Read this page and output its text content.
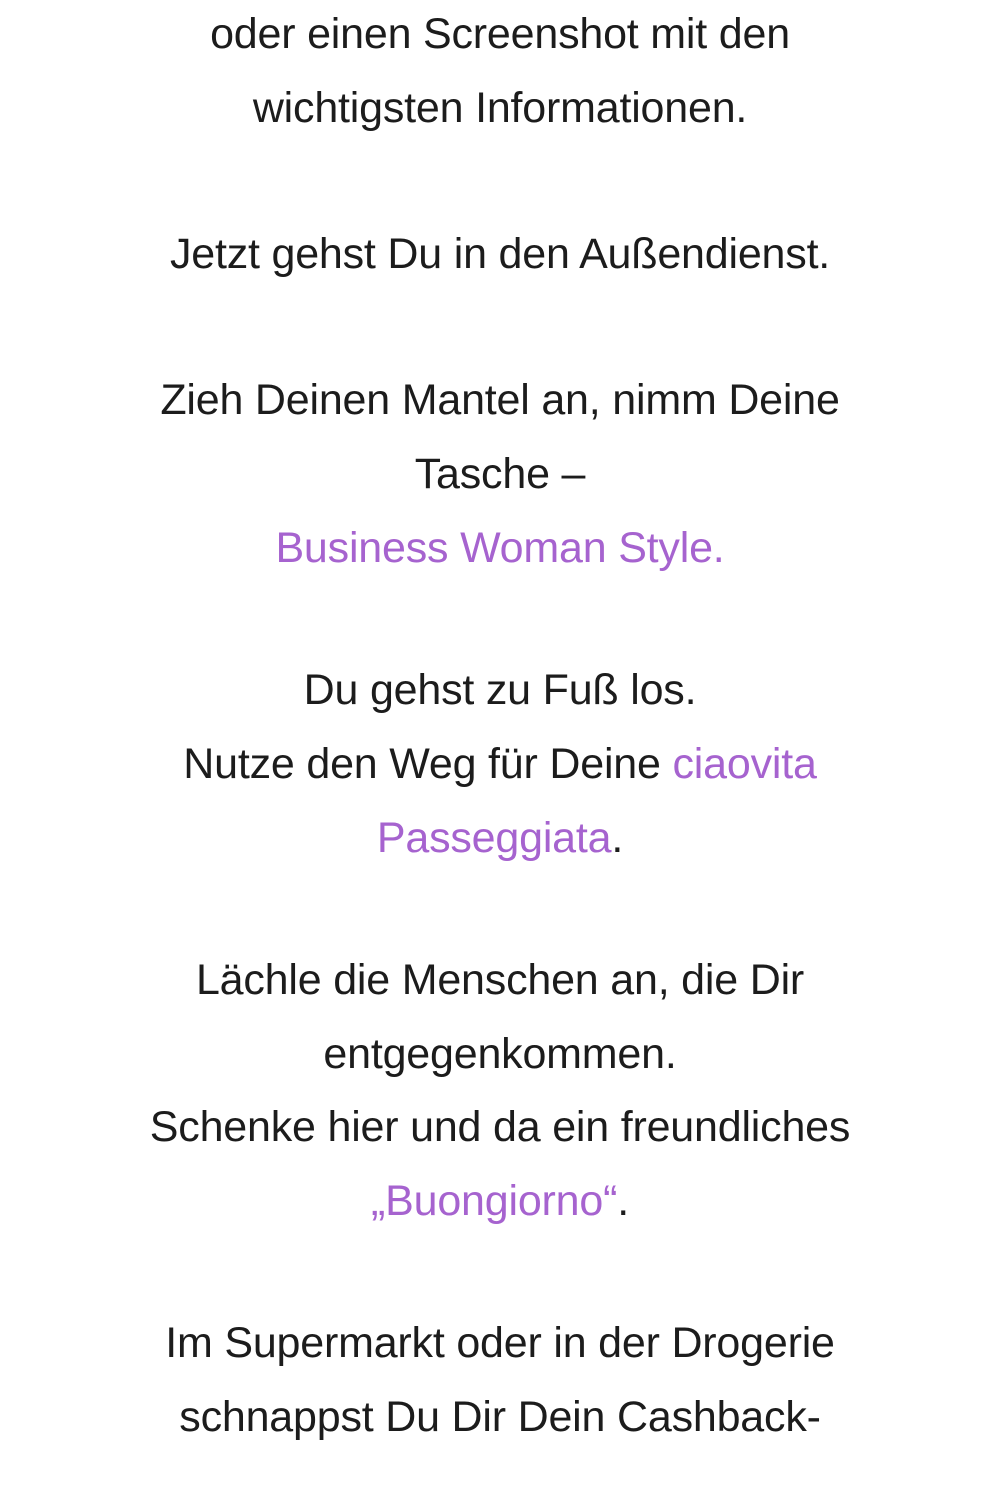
oder einen Screenshot mit den
wichtigsten Informationen.
Jetzt gehst Du in den Außendienst.
Zieh Deinen Mantel an, nimm Deine
Tasche –
Business Woman Style.
Du gehst zu Fuß los.
Nutze den Weg für Deine ciaovita
Passeggiata.
Lächle die Menschen an, die Dir
entgegenkommen.
Schenke hier und da ein freundliches
„Buongiorno“.
Im Supermarkt oder in der Drogerie
schnappst Du Dir Dein Cashback-
